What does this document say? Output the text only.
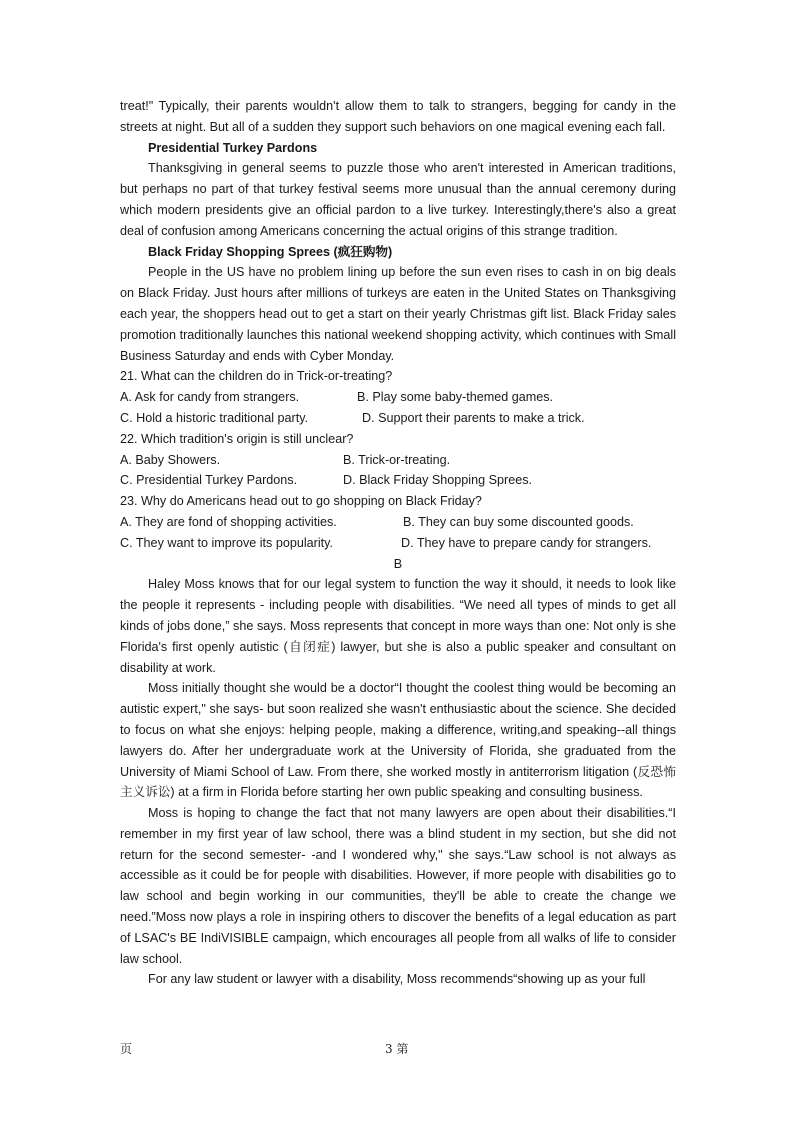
treat!" Typically, their parents wouldn't allow them to talk to strangers, begging for candy in the streets at night. But all of a sudden they support such behaviors on one magical evening each fall.

Presidential Turkey Pardons

Thanksgiving in general seems to puzzle those who aren't interested in American traditions, but perhaps no part of that turkey festival seems more unusual than the annual ceremony during which modern presidents give an official pardon to a live turkey. Interestingly,there's also a great deal of confusion among Americans concerning the actual origins of this strange tradition.

Black Friday Shopping Sprees (疯狂购物)

People in the US have no problem lining up before the sun even rises to cash in on big deals on Black Friday. Just hours after millions of turkeys are eaten in the United States on Thanksgiving each year, the shoppers head out to get a start on their yearly Christmas gift list. Black Friday sales promotion traditionally launches this national weekend shopping activity, which continues with Small Business Saturday and ends with Cyber Monday.

21. What can the children do in Trick-or-treating?

A. Ask for candy from strangers.	B. Play some baby-themed games.
C. Hold a historic traditional party.	D. Support their parents to make a trick.

22. Which tradition's origin is still unclear?

A. Baby Showers.	B. Trick-or-treating.
C. Presidential Turkey Pardons.	D. Black Friday Shopping Sprees.

23. Why do Americans head out to go shopping on Black Friday?

A. They are fond of shopping activities.	B. They can buy some discounted goods.
C. They want to improve its popularity.	D. They have to prepare candy for strangers.

B

Haley Moss knows that for our legal system to function the way it should, it needs to look like the people it represents - including people with disabilities. “We need all types of minds to get all kinds of jobs done,” she says. Moss represents that concept in more ways than one: Not only is she Florida's first openly autistic (自闭症) lawyer, but she is also a public speaker and consultant on disability at work.

Moss initially thought she would be a doctor“I thought the coolest thing would be becoming an autistic expert," she says- but soon realized she wasn't enthusiastic about the science. She decided to focus on what she enjoys: helping people, making a difference, writing,and speaking--all things lawyers do. After her undergraduate work at the University of Florida, she graduated from the University of Miami School of Law. From there, she worked mostly in antiterrorism litigation (反恐怖主义诉讼) at a firm in Florida before starting her own public speaking and consulting business.

Moss is hoping to change the fact that not many lawyers are open about their disabilities.“I remember in my first year of law school, there was a blind student in my section, but she did not return for the second semester- -and I wondered why," she says.“Law school is not always as accessible as it could be for people with disabilities. However, if more people with disabilities go to law school and begin working in our communities, they'll be able to create the change we need.”Moss now plays a role in inspiring others to discover the benefits of a legal education as part of LSAC's BE IndiVISIBLE campaign, which encourages all people from all walks of life to consider law school.

For any law student or lawyer with a disability, Moss recommends“showing up as your full

页	3 第
